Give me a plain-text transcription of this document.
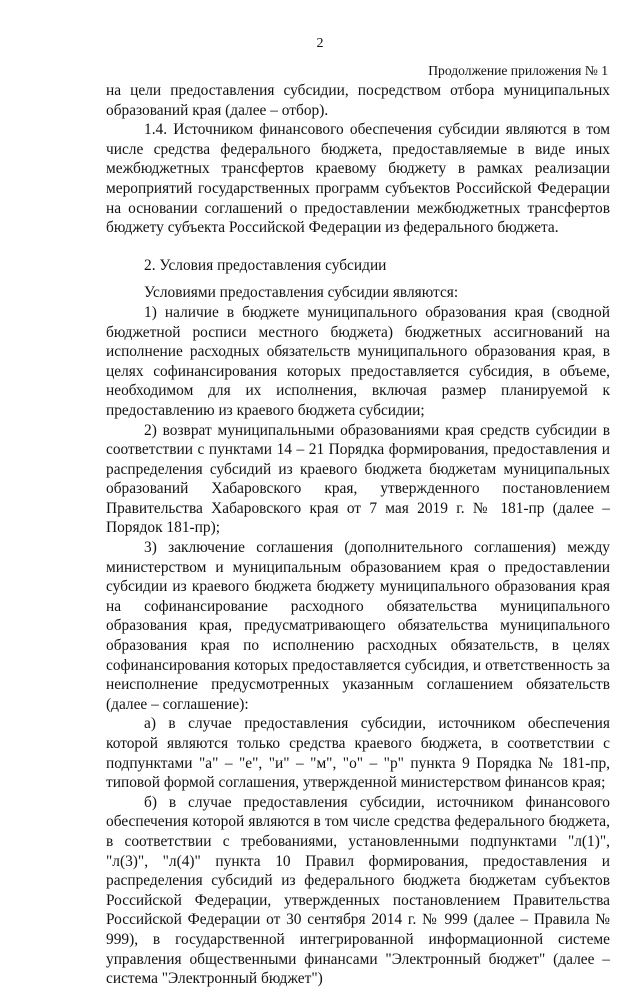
2
Продолжение приложения № 1

на цели предоставления субсидии, посредством отбора муниципальных образований края (далее – отбор).

1.4. Источником финансового обеспечения субсидии являются в том числе средства федерального бюджета, предоставляемые в виде иных межбюджетных трансфертов краевому бюджету в рамках реализации мероприятий государственных программ субъектов Российской Федерации на основании соглашений о предоставлении межбюджетных трансфертов бюджету субъекта Российской Федерации из федерального бюджета.

2. Условия предоставления субсидии

Условиями предоставления субсидии являются:

1) наличие в бюджете муниципального образования края (сводной бюджетной росписи местного бюджета) бюджетных ассигнований на исполнение расходных обязательств муниципального образования края, в целях софинансирования которых предоставляется субсидия, в объеме, необходимом для их исполнения, включая размер планируемой к предоставлению из краевого бюджета субсидии;

2) возврат муниципальными образованиями края средств субсидии в соответствии с пунктами 14 – 21 Порядка формирования, предоставления и распределения субсидий из краевого бюджета бюджетам муниципальных образований Хабаровского края, утвержденного постановлением Правительства Хабаровского края от 7 мая 2019 г. № 181-пр (далее – Порядок 181-пр);

3) заключение соглашения (дополнительного соглашения) между министерством и муниципальным образованием края о предоставлении субсидии из краевого бюджета бюджету муниципального образования края на софинансирование расходного обязательства муниципального образования края, предусматривающего обязательства муниципального образования края по исполнению расходных обязательств, в целях софинансирования которых предоставляется субсидия, и ответственность за неисполнение предусмотренных указанным соглашением обязательств (далее – соглашение):

а) в случае предоставления субсидии, источником обеспечения которой являются только средства краевого бюджета, в соответствии с подпунктами "а" – "е", "и" – "м", "о" – "р" пункта 9 Порядка № 181-пр, типовой формой соглашения, утвержденной министерством финансов края;

б) в случае предоставления субсидии, источником финансового обеспечения которой являются в том числе средства федерального бюджета, в соответствии с требованиями, установленными подпунктами "л(1)", "л(3)", "л(4)" пункта 10 Правил формирования, предоставления и распределения субсидий из федерального бюджета бюджетам субъектов Российской Федерации, утвержденных постановлением Правительства Российской Федерации от 30 сентября 2014 г. № 999 (далее – Правила № 999), в государственной интегрированной информационной системе управления общественными финансами "Электронный бюджет" (далее – система "Электронный бюджет")
